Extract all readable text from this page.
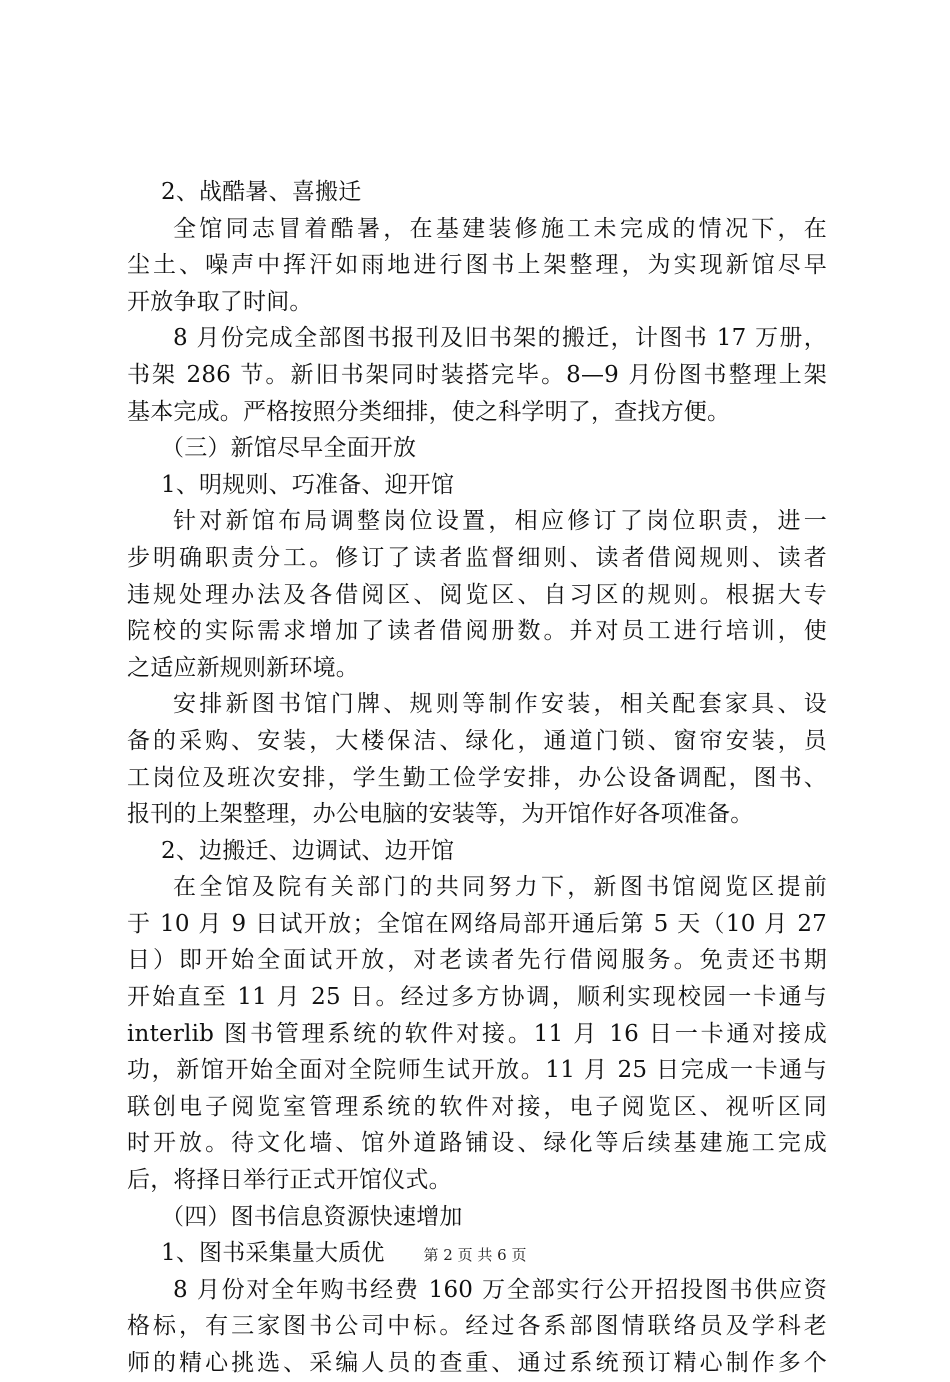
2、战酷暑、喜搬迁
全馆同志冒着酷暑，在基建装修施工未完成的情况下，在
尘土、噪声中挥汗如雨地进行图书上架整理，为实现新馆尽早
开放争取了时间。
8 月份完成全部图书报刊及旧书架的搬迁，计图书 17 万册，
书架 286 节。新旧书架同时装搭完毕。8—9 月份图书整理上架
基本完成。严格按照分类细排，使之科学明了，查找方便。
（三）新馆尽早全面开放
1、明规则、巧准备、迎开馆
针对新馆布局调整岗位设置，相应修订了岗位职责，进一
步明确职责分工。修订了读者监督细则、读者借阅规则、读者
违规处理办法及各借阅区、阅览区、自习区的规则。根据大专
院校的实际需求增加了读者借阅册数。并对员工进行培训，使
之适应新规则新环境。
安排新图书馆门牌、规则等制作安装，相关配套家具、设
备的采购、安装，大楼保洁、绿化，通道门锁、窗帘安装，员
工岗位及班次安排，学生勤工俭学安排，办公设备调配，图书、
报刊的上架整理，办公电脑的安装等，为开馆作好各项准备。
2、边搬迁、边调试、边开馆
在全馆及院有关部门的共同努力下，新图书馆阅览区提前
于 10 月 9 日试开放；全馆在网络局部开通后第 5 天（10 月 27
日）即开始全面试开放，对老读者先行借阅服务。免责还书期
开始直至 11 月 25 日。经过多方协调，顺利实现校园一卡通与
interlib 图书管理系统的软件对接。11 月 16 日一卡通对接成
功，新馆开始全面对全院师生试开放。11 月 25 日完成一卡通与
联创电子阅览室管理系统的软件对接，电子阅览区、视听区同
时开放。待文化墙、馆外道路铺设、绿化等后续基建施工完成
后，将择日举行正式开馆仪式。
（四）图书信息资源快速增加
1、图书采集量大质优
8 月份对全年购书经费 160 万全部实行公开招投图书供应资
格标，有三家图书公司中标。经过各系部图情联络员及学科老
师的精心挑选、采编人员的查重、通过系统预订精心制作多个
第 2 页 共 6 页
